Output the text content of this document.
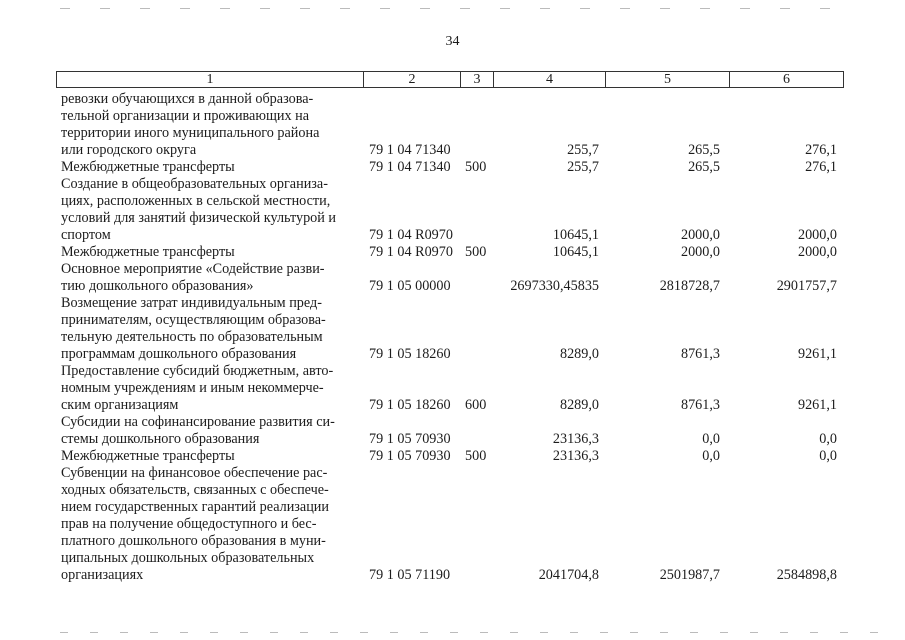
34
1	2	3	4	5	6
ревозки обучающихся в данной образова-
тельной организации и проживающих на
территории иного муниципального района
или городского округа	79 1 04 71340	255,7	265,5	276,1
Межбюджетные трансферты	79 1 04 71340 500	255,7	265,5	276,1
Создание в общеобразовательных организа-
циях, расположенных в сельской местности,
условий для занятий физической культурой и
спортом	79 1 04 R0970	10645,1	2000,0	2000,0
Межбюджетные трансферты	79 1 04 R0970 500	10645,1	2000,0	2000,0
Основное мероприятие «Содействие разви-
тию дошкольного образования»	79 1 05 00000	2697330,45835	2818728,7	2901757,7
Возмещение затрат индивидуальным пред-
принимателям, осуществляющим образова-
тельную деятельность по образовательным
программам дошкольного образования	79 1 05 18260	8289,0	8761,3	9261,1
Предоставление субсидий бюджетным, авто-
номным учреждениям и иным некоммерче-
ским организациям	79 1 05 18260 600	8289,0	8761,3	9261,1
Субсидии на софинансирование развития си-
стемы дошкольного образования	79 1 05 70930	23136,3	0,0	0,0
Межбюджетные трансферты	79 1 05 70930 500	23136,3	0,0	0,0
Субвенции на финансовое обеспечение рас-
ходных обязательств, связанных с обеспече-
нием государственных гарантий реализации
прав на получение общедоступного и бес-
платного дошкольного образования в муни-
ципальных дошкольных образовательных
организациях	79 1 05 71190	2041704,8	2501987,7	2584898,8
